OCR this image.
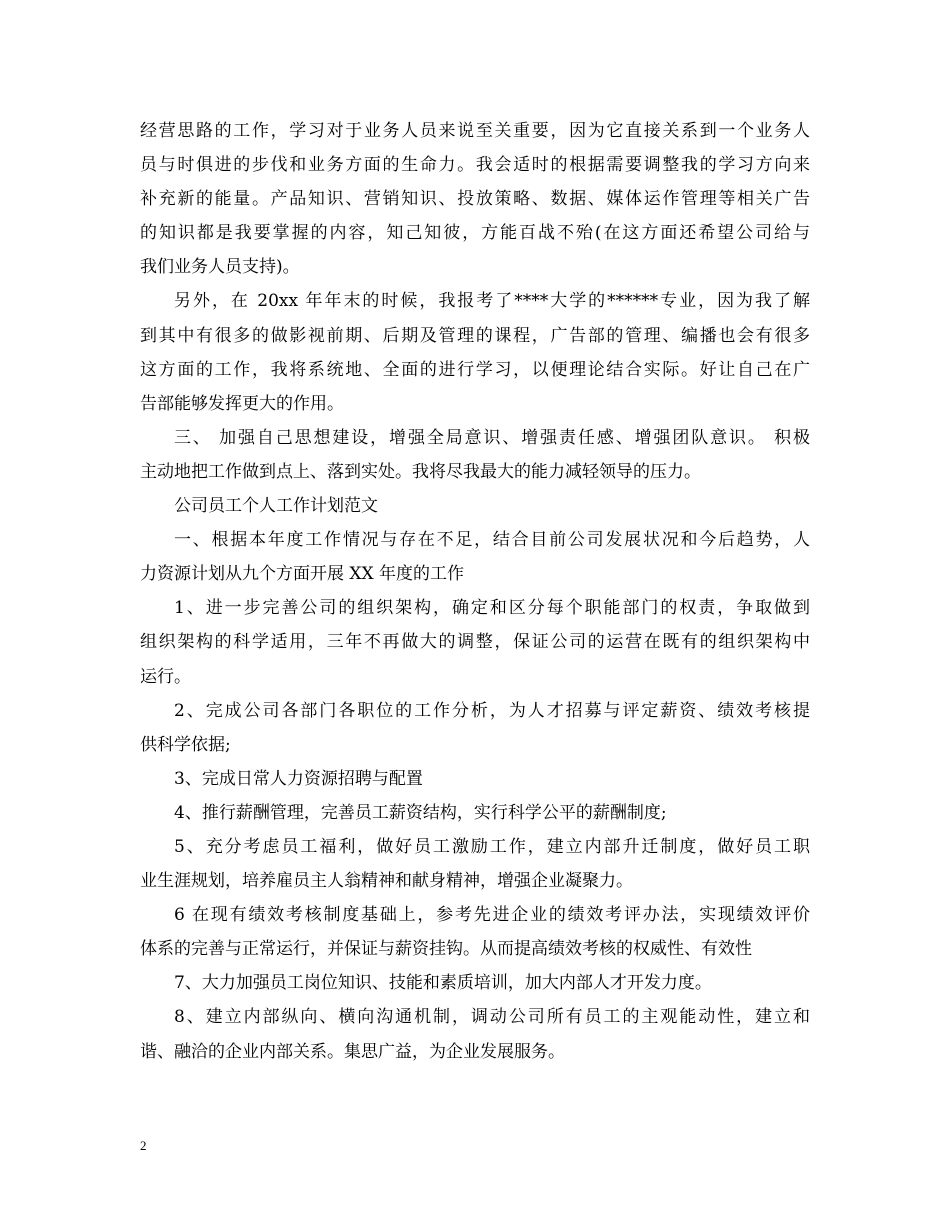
经营思路的工作，学习对于业务人员来说至关重要，因为它直接关系到一个业务人
员与时俱进的步伐和业务方面的生命力。我会适时的根据需要调整我的学习方向来
补充新的能量。产品知识、营销知识、投放策略、数据、媒体运作管理等相关广告
的知识都是我要掌握的内容，知己知彼，方能百战不殆(在这方面还希望公司给与
我们业务人员支持)。
另外，在 20xx 年年末的时候，我报考了****大学的******专业，因为我了解
到其中有很多的做影视前期、后期及管理的课程，广告部的管理、编播也会有很多
这方面的工作，我将系统地、全面的进行学习，以便理论结合实际。好让自己在广
告部能够发挥更大的作用。
三、 加强自己思想建设，增强全局意识、增强责任感、增强团队意识。 积极
主动地把工作做到点上、落到实处。我将尽我最大的能力减轻领导的压力。
公司员工个人工作计划范文
一、根据本年度工作情况与存在不足，结合目前公司发展状况和今后趋势，人
力资源计划从九个方面开展 XX 年度的工作
1、进一步完善公司的组织架构，确定和区分每个职能部门的权责，争取做到
组织架构的科学适用，三年不再做大的调整，保证公司的运营在既有的组织架构中
运行。
2、完成公司各部门各职位的工作分析，为人才招募与评定薪资、绩效考核提
供科学依据;
3、完成日常人力资源招聘与配置
4、推行薪酬管理，完善员工薪资结构，实行科学公平的薪酬制度;
5、充分考虑员工福利，做好员工激励工作，建立内部升迁制度，做好员工职
业生涯规划，培养雇员主人翁精神和献身精神，增强企业凝聚力。
6 在现有绩效考核制度基础上，参考先进企业的绩效考评办法，实现绩效评价
体系的完善与正常运行，并保证与薪资挂钩。从而提高绩效考核的权威性、有效性
7、大力加强员工岗位知识、技能和素质培训，加大内部人才开发力度。
8、建立内部纵向、横向沟通机制，调动公司所有员工的主观能动性，建立和
谐、融洽的企业内部关系。集思广益，为企业发展服务。
2
